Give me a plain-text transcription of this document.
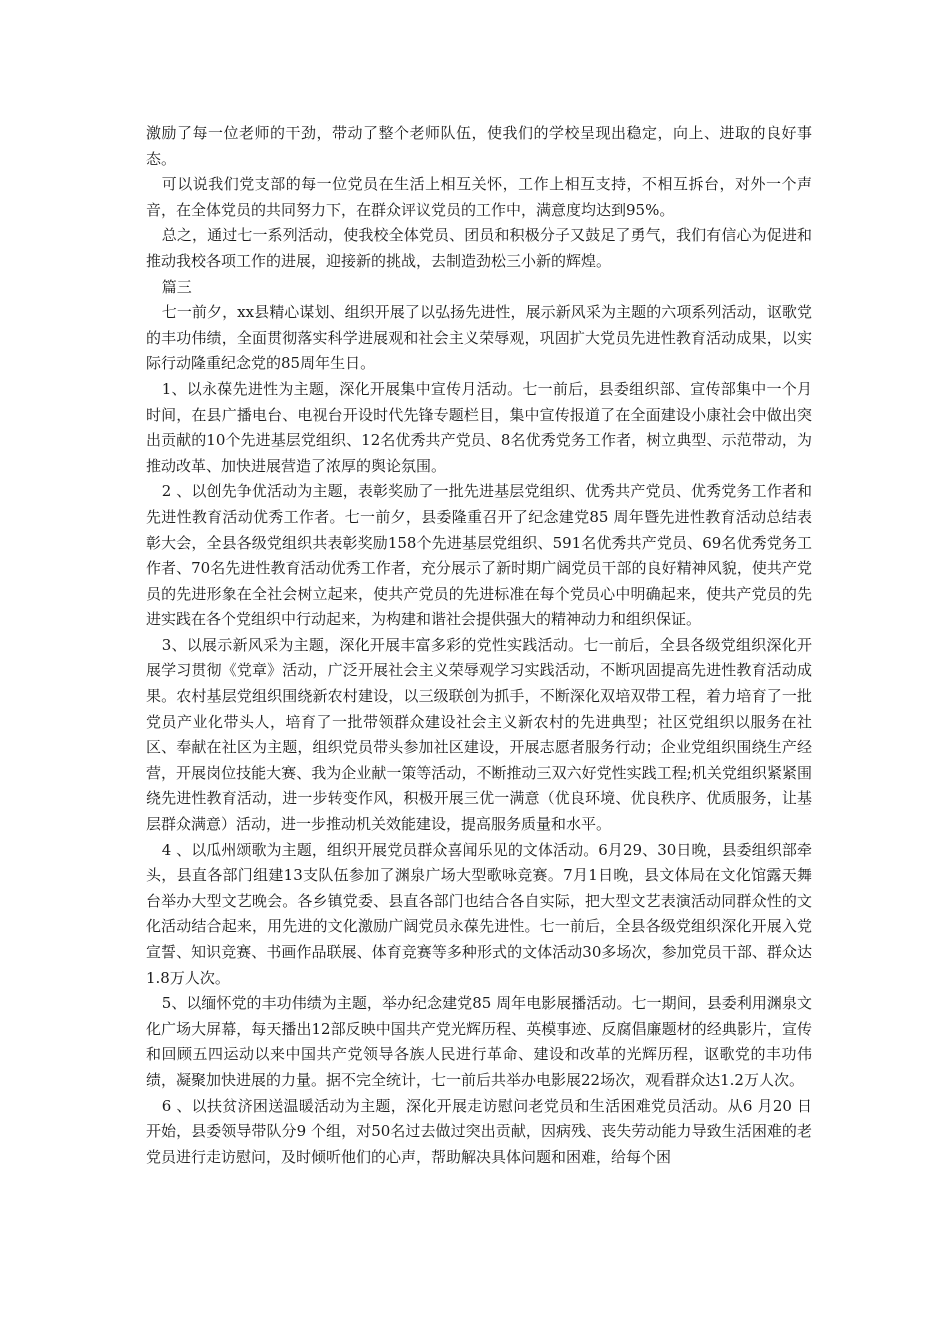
激励了每一位老师的干劲，带动了整个老师队伍，使我们的学校呈现出稳定，向上、进取的良好事态。

可以说我们党支部的每一位党员在生活上相互关怀，工作上相互支持，不相互拆台，对外一个声音，在全体党员的共同努力下，在群众评议党员的工作中，满意度均达到95%。

总之，通过七一系列活动，使我校全体党员、团员和积极分子又鼓足了勇气，我们有信心为促进和推动我校各项工作的进展，迎接新的挑战，去制造劲松三小新的辉煌。

篇三

七一前夕，xx县精心谋划、组织开展了以弘扬先进性，展示新风采为主题的六项系列活动，讴歌党的丰功伟绩，全面贯彻落实科学进展观和社会主义荣辱观，巩固扩大党员先进性教育活动成果，以实际行动隆重纪念党的85周年生日。

1、以永葆先进性为主题，深化开展集中宣传月活动。七一前后，县委组织部、宣传部集中一个月时间，在县广播电台、电视台开设时代先锋专题栏目，集中宣传报道了在全面建设小康社会中做出突出贡献的10个先进基层党组织、12名优秀共产党员、8名优秀党务工作者，树立典型、示范带动，为推动改革、加快进展营造了浓厚的舆论氛围。

2 、以创先争优活动为主题，表彰奖励了一批先进基层党组织、优秀共产党员、优秀党务工作者和先进性教育活动优秀工作者。七一前夕，县委隆重召开了纪念建党85 周年暨先进性教育活动总结表彰大会，全县各级党组织共表彰奖励158个先进基层党组织、591名优秀共产党员、69名优秀党务工作者、70名先进性教育活动优秀工作者，充分展示了新时期广阔党员干部的良好精神风貌，使共产党员的先进形象在全社会树立起来，使共产党员的先进标准在每个党员心中明确起来，使共产党员的先进实践在各个党组织中行动起来，为构建和谐社会提供强大的精神动力和组织保证。

3、以展示新风采为主题，深化开展丰富多彩的党性实践活动。七一前后，全县各级党组织深化开展学习贯彻《党章》活动，广泛开展社会主义荣辱观学习实践活动，不断巩固提高先进性教育活动成果。农村基层党组织围绕新农村建设，以三级联创为抓手，不断深化双培双带工程，着力培育了一批党员产业化带头人，培育了一批带领群众建设社会主义新农村的先进典型；社区党组织以服务在社区、奉献在社区为主题，组织党员带头参加社区建设，开展志愿者服务行动；企业党组织围绕生产经营，开展岗位技能大赛、我为企业献一策等活动，不断推动三双六好党性实践工程;机关党组织紧紧围绕先进性教育活动，进一步转变作风，积极开展三优一满意（优良环境、优良秩序、优质服务，让基层群众满意）活动，进一步推动机关效能建设，提高服务质量和水平。

4 、以瓜州颂歌为主题，组织开展党员群众喜闻乐见的文体活动。6月29、30日晚，县委组织部牵头，县直各部门组建13支队伍参加了渊泉广场大型歌咏竞赛。7月1日晚，县文体局在文化馆露天舞台举办大型文艺晚会。各乡镇党委、县直各部门也结合各自实际，把大型文艺表演活动同群众性的文化活动结合起来，用先进的文化激励广阔党员永葆先进性。七一前后，全县各级党组织深化开展入党宣誓、知识竞赛、书画作品联展、体育竞赛等多种形式的文体活动30多场次，参加党员干部、群众达1.8万人次。

5、以缅怀党的丰功伟绩为主题，举办纪念建党85 周年电影展播活动。七一期间，县委利用渊泉文化广场大屏幕，每天播出12部反映中国共产党光辉历程、英模事迹、反腐倡廉题材的经典影片，宣传和回顾五四运动以来中国共产党领导各族人民进行革命、建设和改革的光辉历程，讴歌党的丰功伟绩，凝聚加快进展的力量。据不完全统计，七一前后共举办电影展22场次，观看群众达1.2万人次。

6 、以扶贫济困送温暖活动为主题，深化开展走访慰问老党员和生活困难党员活动。从6 月20 日开始，县委领导带队分9 个组，对50名过去做过突出贡献，因病残、丧失劳动能力导致生活困难的老党员进行走访慰问，及时倾听他们的心声，帮助解决具体问题和困难，给每个困
